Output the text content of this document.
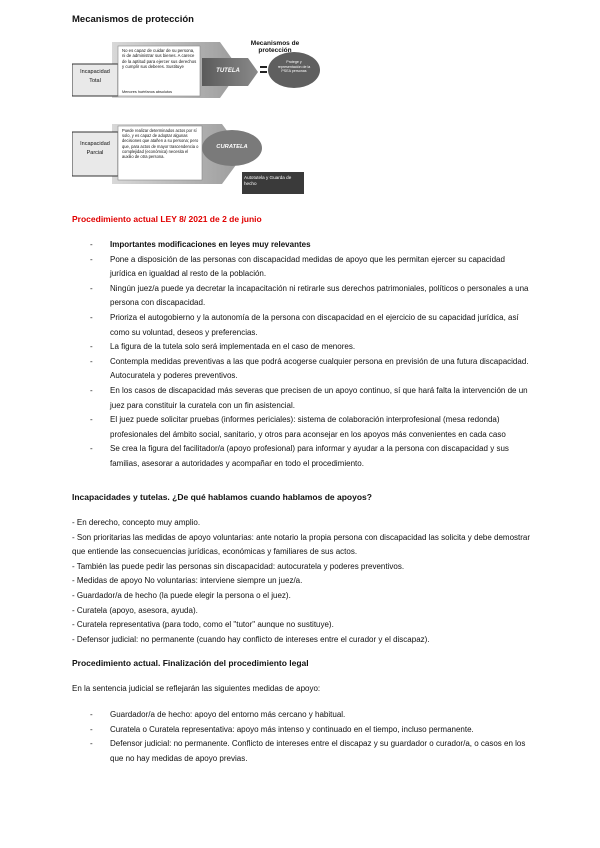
Mecanismos de protección
Mecanismos de protección
Incapacidad Total
No es capaz de cuidar de su persona, ni de administrar sus bienes. A carece de la aptitud para ejercer sus derechos y cumplir sus deberes. Sustituye
Menores huérfanos absolutos
TUTELA
Protege y representación de la PSEA personas
Incapacidad Parcial
Puede realizar determinados actos por sí solo, y es capaz de adoptar algunas decisiones que atañen a su persona; pero que, para actos de mayor trascendencia o complejidad (económica) necesita el auxilio de otra persona.
CURATELA
Autotutela y Guarda de hecho
Procedimiento actual LEY 8/ 2021 de 2 de junio
- Importantes modificaciones en leyes muy relevantes
- Pone a disposición de las personas con discapacidad medidas de apoyo que les permitan ejercer su capacidad jurídica en igualdad al resto de la población.
- Ningún juez/a puede ya decretar la incapacitación ni retirarle sus derechos patrimoniales, políticos o personales a una persona con discapacidad.
- Prioriza el autogobierno y la autonomía de la persona con discapacidad en el ejercicio de su capacidad jurídica, así como su voluntad, deseos y preferencias.
- La figura de la tutela solo será implementada en el caso de menores.
- Contempla medidas preventivas a las que podrá acogerse cualquier persona en previsión de una futura discapacidad. Autocuratela y poderes preventivos.
- En los casos de discapacidad más severas que precisen de un apoyo continuo, sí que hará falta la intervención de un juez para constituir la curatela con un fin asistencial.
- El juez puede solicitar pruebas (informes periciales): sistema de colaboración interprofesional (mesa redonda) profesionales del ámbito social, sanitario, y otros para aconsejar en los apoyos más convenientes en cada caso
- Se crea la figura del facilitador/a (apoyo profesional) para informar y ayudar a la persona con discapacidad y sus familias, asesorar a autoridades y acompañar en todo el procedimiento.
Incapacidades y tutelas. ¿De qué hablamos cuando hablamos de apoyos?
- En derecho, concepto muy amplio.
- Son prioritarias las medidas de apoyo voluntarias: ante notario la propia persona con discapacidad las solicita y debe demostrar que entiende las consecuencias jurídicas, económicas y familiares de sus actos.
- También las puede pedir las personas sin discapacidad: autocuratela y poderes preventivos.
- Medidas de apoyo No voluntarias: interviene siempre un juez/a.
- Guardador/a de hecho (la puede elegir la persona o el juez).
- Curatela (apoyo, asesora, ayuda).
- Curatela representativa (para todo, como el "tutor" aunque no sustituye).
- Defensor judicial: no permanente (cuando hay conflicto de intereses entre el curador y el discapaz).
Procedimiento actual. Finalización del procedimiento legal
En la sentencia judicial se reflejarán las siguientes medidas de apoyo:
- Guardador/a de hecho: apoyo del entorno más cercano y habitual.
- Curatela o Curatela representativa: apoyo más intenso y continuado en el tiempo, incluso permanente.
- Defensor judicial: no permanente. Conflicto de intereses entre el discapaz y su guardador o curador/a, o casos en los que no hay medidas de apoyo previas.
